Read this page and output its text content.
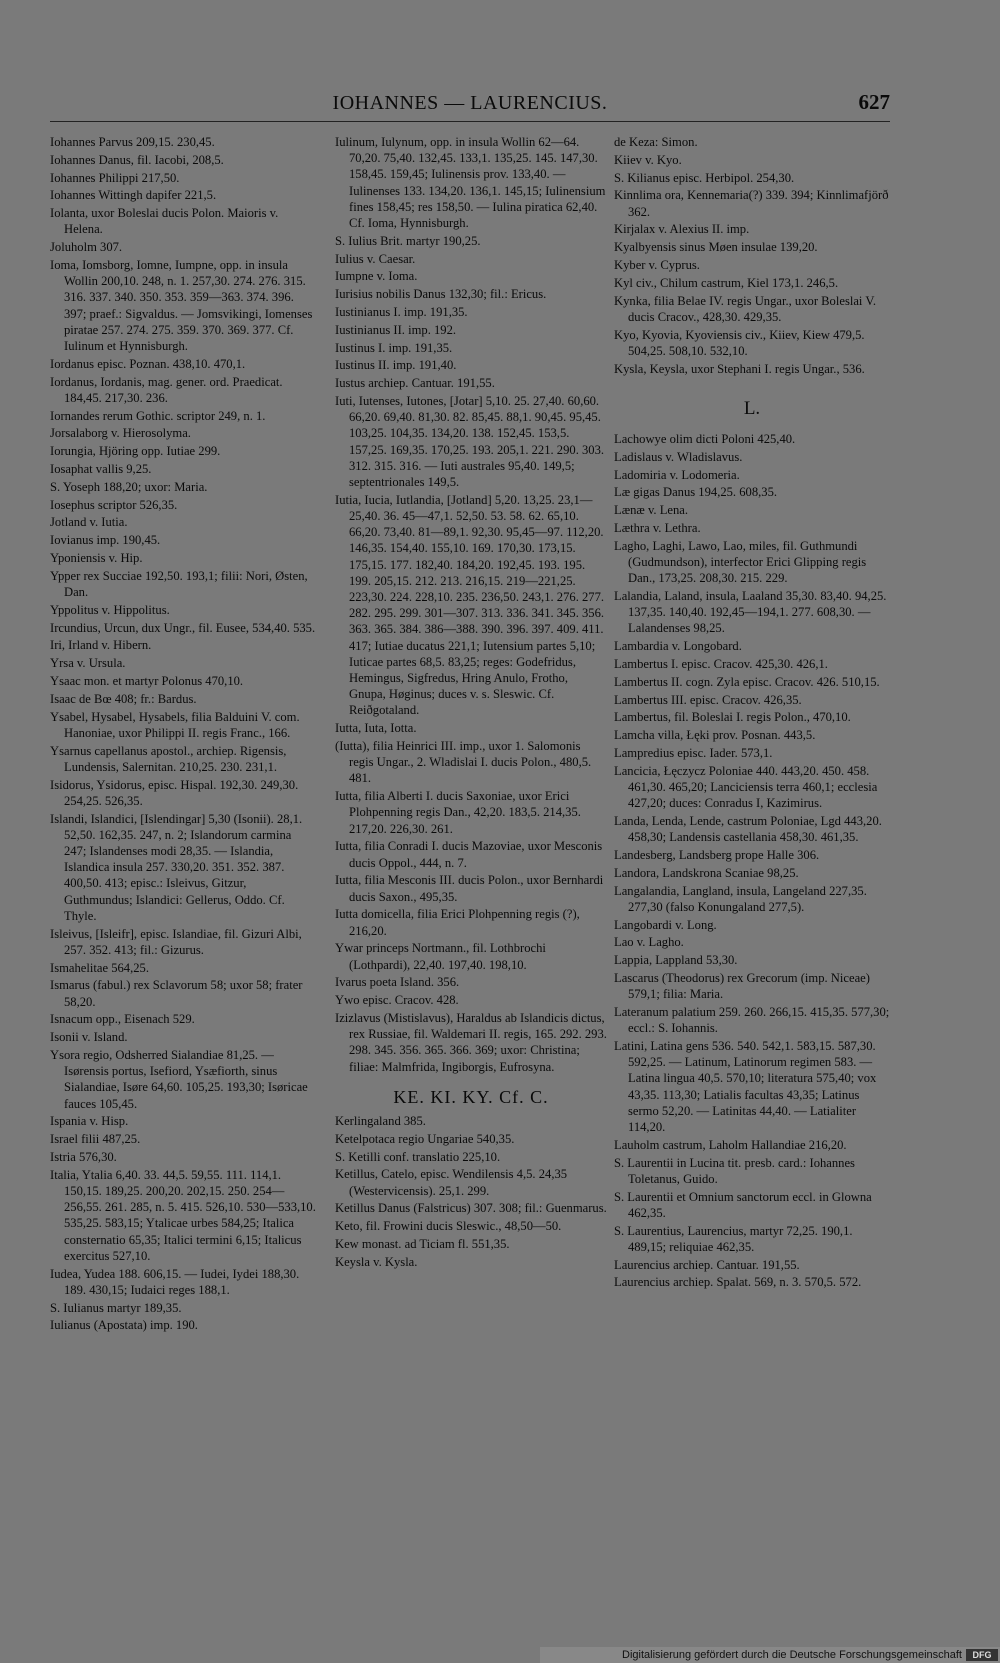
IOHANNES — LAURENCIUS.	627
Iohannes Parvus 209,15. 230,45.
Iohannes Danus, fil. Iacobi, 208,5.
Iohannes Philippi 217,50.
Iohannes Wittingh dapifer 221,5.
Iolanta, uxor Boleslai ducis Polon. Maioris v. Helena.
Joluholm 307.
Ioma, Iomsborg, Iomne, Iumpne, opp. in insula Wollin 200,10. 248, n. 1. 257,30. 274. 276. 315. 316. 337. 340. 350. 353. 359—363. 374. 396. 397; praef.: Sigvaldus. — Jomsvikingi, Iomenses piratae 257. 274. 275. 359. 370. 369. 377. Cf. Iulinum et Hynnisburgh.
Iordanus episc. Poznan. 438,10. 470,1.
Iordanus, Iordanis, mag. gener. ord. Praedicat. 184,45. 217,30. 236.
Iornandes rerum Gothic. scriptor 249, n. 1.
Jorsalaborg v. Hierosolyma.
Iorungia, Hjöring opp. Iutiae 299.
Iosaphat vallis 9,25.
S. Yoseph 188,20; uxor: Maria.
Iosephus scriptor 526,35.
Jotland v. Iutia.
Iovianus imp. 190,45.
Yponiensis v. Hip.
Ypper rex Succiae 192,50. 193,1; filii: Nori, Østen, Dan.
Yppolitus v. Hippolitus.
Ircundius, Urcun, dux Ungr., fil. Eusee, 534,40. 535.
Iri, Irland v. Hibern.
Yrsa v. Ursula.
Ysaac mon. et martyr Polonus 470,10.
Isaac de Bœ 408; fr.: Bardus.
Ysabel, Hysabel, Hysabels, filia Balduini V. com. Hanoniae, uxor Philippi II. regis Franc., 166.
Ysarnus capellanus apostol., archiep. Rigensis, Lundensis, Salernitan. 210,25. 230. 231,1.
Isidorus, Ysidorus, episc. Hispal. 192,30. 249,30. 254,25. 526,35.
Islandi, Islandici, [Islendingar] 5,30 (Isonii). 28,1. 52,50. 162,35. 247, n. 2; Islandorum carmina 247; Islandenses modi 28,35. — Islandia, Islandica insula 257. 330,20. 351. 352. 387. 400,50. 413; episc.: Isleivus, Gitzur, Guthmundus; Islandici: Gellerus, Oddo. Cf. Thyle.
Isleivus, [Isleifr], episc. Islandiae, fil. Gizuri Albi, 257. 352. 413; fil.: Gizurus.
Ismahelitae 564,25.
Ismarus (fabul.) rex Sclavorum 58; uxor 58; frater 58,20.
Isnacum opp., Eisenach 529.
Isonii v. Island.
Ysora regio, Odsherred Sialandiae 81,25. — Isørensis portus, Isefiord, Ysæfiorth, sinus Sialandiae, Isøre 64,60. 105,25. 193,30; Isøricae fauces 105,45.
Ispania v. Hisp.
Israel filii 487,25.
Istria 576,30.
Italia, Ytalia 6,40. 33. 44,5. 59,55. 111. 114,1. 150,15. 189,25. 200,20. 202,15. 250. 254—256,55. 261. 285, n. 5. 415. 526,10. 530—533,10. 535,25. 583,15; Ytalicae urbes 584,25; Italica consternatio 65,35; Italici termini 6,15; Italicus exercitus 527,10.
Iudea, Yudea 188. 606,15. — Iudei, Iydei 188,30. 189. 430,15; Iudaici reges 188,1.
S. Iulianus martyr 189,35.
Iulianus (Apostata) imp. 190.
Iulinum, Iulynum, opp. in insula Wollin 62—64. 70,20. 75,40. 132,45. 133,1. 135,25. 145. 147,30. 158,45. 159,45; Iulinensis prov. 133,40. — Iulinenses 133. 134,20. 136,1. 145,15; Iulinensium fines 158,45; res 158,50. — Iulina piratica 62,40. Cf. Ioma, Hynnisburgh.
S. Iulius Brit. martyr 190,25.
Iulius v. Caesar.
Iumpne v. Ioma.
Iurisius nobilis Danus 132,30; fil.: Ericus.
Iustinianus I. imp. 191,35.
Iustinianus II. imp. 192.
Iustinus I. imp. 191,35.
Iustinus II. imp. 191,40.
Iustus archiep. Cantuar. 191,55.
Iuti, Iutenses, Iutones, [Jotar] 5,10. 25. 27,40. 60,60. 66,20. 69,40. 81,30. 82. 85,45. 88,1. 90,45. 95,45. 103,25. 104,35. 134,20. 138. 152,45. 153,5. 157,25. 169,35. 170,25. 193. 205,1. 221. 290. 303. 312. 315. 316. — Iuti australes 95,40. 149,5; septentrionales 149,5.
Iutia, Iucia, Iutlandia, [Jotland] 5,20. 13,25. 23,1—25,40. 36. 45—47,1. 52,50. 53. 58. 62. 65,10. 66,20. 73,40. 81—89,1. 92,30. 95,45—97. 112,20. 146,35. 154,40. 155,10. 169. 170,30. 173,15. 175,15. 177. 182,40. 184,20. 192,45. 193. 195. 199. 205,15. 212. 213. 216,15. 219—221,25. 223,30. 224. 228,10. 235. 236,50. 243,1. 276. 277. 282. 295. 299. 301—307. 313. 336. 341. 345. 356. 363. 365. 384. 386—388. 390. 396. 397. 409. 411. 417; Iutiae ducatus 221,1; Iutensium partes 5,10; Iuticae partes 68,5. 83,25; reges: Godefridus, Hemingus, Sigfredus, Hring Anulo, Frotho, Gnupa, Høginus; duces v. s. Sleswic. Cf. Reiðgotaland.
Iutta, Iuta, Iotta.
(Iutta), filia Heinrici III. imp., uxor 1. Salomonis regis Ungar., 2. Wladislai I. ducis Polon., 480,5. 481.
Iutta, filia Alberti I. ducis Saxoniae, uxor Erici Plohpenning regis Dan., 42,20. 183,5. 214,35. 217,20. 226,30. 261.
Iutta, filia Conradi I. ducis Mazoviae, uxor Mesconis ducis Oppol., 444, n. 7.
Iutta, filia Mesconis III. ducis Polon., uxor Bernhardi ducis Saxon., 495,35.
Iutta domicella, filia Erici Plohpenning regis (?), 216,20.
Ywar princeps Nortmann., fil. Lothbrochi (Lothpardi), 22,40. 197,40. 198,10.
Ivarus poeta Island. 356.
Ywo episc. Cracov. 428.
Izizlavus (Mistislavus), Haraldus ab Islandicis dictus, rex Russiae, fil. Waldemari II. regis, 165. 292. 293. 298. 345. 356. 365. 366. 369; uxor: Christina; filiae: Malmfrida, Ingiborgis, Eufrosyna.
KE. KI. KY. Cf. C.
Kerlingaland 385.
Ketelpotaca regio Ungariae 540,35.
S. Ketilli conf. translatio 225,10.
Ketillus, Catelo, episc. Wendilensis 4,5. 24,35 (Westervicensis). 25,1. 299.
Ketillus Danus (Falstricus) 307. 308; fil.: Guenmarus.
Keto, fil. Frowini ducis Sleswic., 48,50—50.
Kew monast. ad Ticiam fl. 551,35.
Keysla v. Kysla.
de Keza: Simon.
Kiiev v. Kyo.
S. Kilianus episc. Herbipol. 254,30.
Kinnlima ora, Kennemaria(?) 339. 394; Kinnlimafjörð 362.
Kirjalax v. Alexius II. imp.
Kyalbyensis sinus Møen insulae 139,20.
Kyber v. Cyprus.
Kyl civ., Chilum castrum, Kiel 173,1. 246,5.
Kynka, filia Belae IV. regis Ungar., uxor Boleslai V. ducis Cracov., 428,30. 429,35.
Kyo, Kyovia, Kyoviensis civ., Kiiev, Kiew 479,5. 504,25. 508,10. 532,10.
Kysla, Keysla, uxor Stephani I. regis Ungar., 536.
L.
Lachowye olim dicti Poloni 425,40.
Ladislaus v. Wladislavus.
Ladomiria v. Lodomeria.
Læ gigas Danus 194,25. 608,35.
Lænæ v. Lena.
Læthra v. Lethra.
Lagho, Laghi, Lawo, Lao, miles, fil. Guthmundi (Gudmundson), interfector Erici Glipping regis Dan., 173,25. 208,30. 215. 229.
Lalandia, Laland, insula, Laaland 35,30. 83,40. 94,25. 137,35. 140,40. 192,45—194,1. 277. 608,30. — Lalandenses 98,25.
Lambardia v. Longobard.
Lambertus I. episc. Cracov. 425,30. 426,1.
Lambertus II. cogn. Zyla episc. Cracov. 426. 510,15.
Lambertus III. episc. Cracov. 426,35.
Lambertus, fil. Boleslai I. regis Polon., 470,10.
Lamcha villa, Łęki prov. Posnan. 443,5.
Lampredius episc. Iader. 573,1.
Lancicia, Łęczycz Poloniae 440. 443,20. 450. 458. 461,30. 465,20; Lanciciensis terra 460,1; ecclesia 427,20; duces: Conradus I, Kazimirus.
Landa, Lenda, Lende, castrum Poloniae, Lgd 443,20. 458,30; Landensis castellania 458,30. 461,35.
Landesberg, Landsberg prope Halle 306.
Landora, Landskrona Scaniae 98,25.
Langalandia, Langland, insula, Langeland 227,35. 277,30 (falso Konungaland 277,5).
Langobardi v. Long.
Lao v. Lagho.
Lappia, Lappland 53,30.
Lascarus (Theodorus) rex Grecorum (imp. Niceae) 579,1; filia: Maria.
Lateranum palatium 259. 260. 266,15. 415,35. 577,30; eccl.: S. Iohannis.
Latini, Latina gens 536. 540. 542,1. 583,15. 587,30. 592,25. — Latinum, Latinorum regimen 583. — Latina lingua 40,5. 570,10; literatura 575,40; vox 43,35. 113,30; Latialis facultas 43,35; Latinus sermo 52,20. — Latinitas 44,40. — Latialiter 114,20.
Lauholm castrum, Laholm Hallandiae 216,20.
S. Laurentii in Lucina tit. presb. card.: Iohannes Toletanus, Guido.
S. Laurentii et Omnium sanctorum eccl. in Glowna 462,35.
S. Laurentius, Laurencius, martyr 72,25. 190,1. 489,15; reliquiae 462,35.
Laurencius archiep. Cantuar. 191,55.
Laurencius archiep. Spalat. 569, n. 3. 570,5. 572.
Digitalisierung gefördert durch die Deutsche Forschungsgemeinschaft	DFG
